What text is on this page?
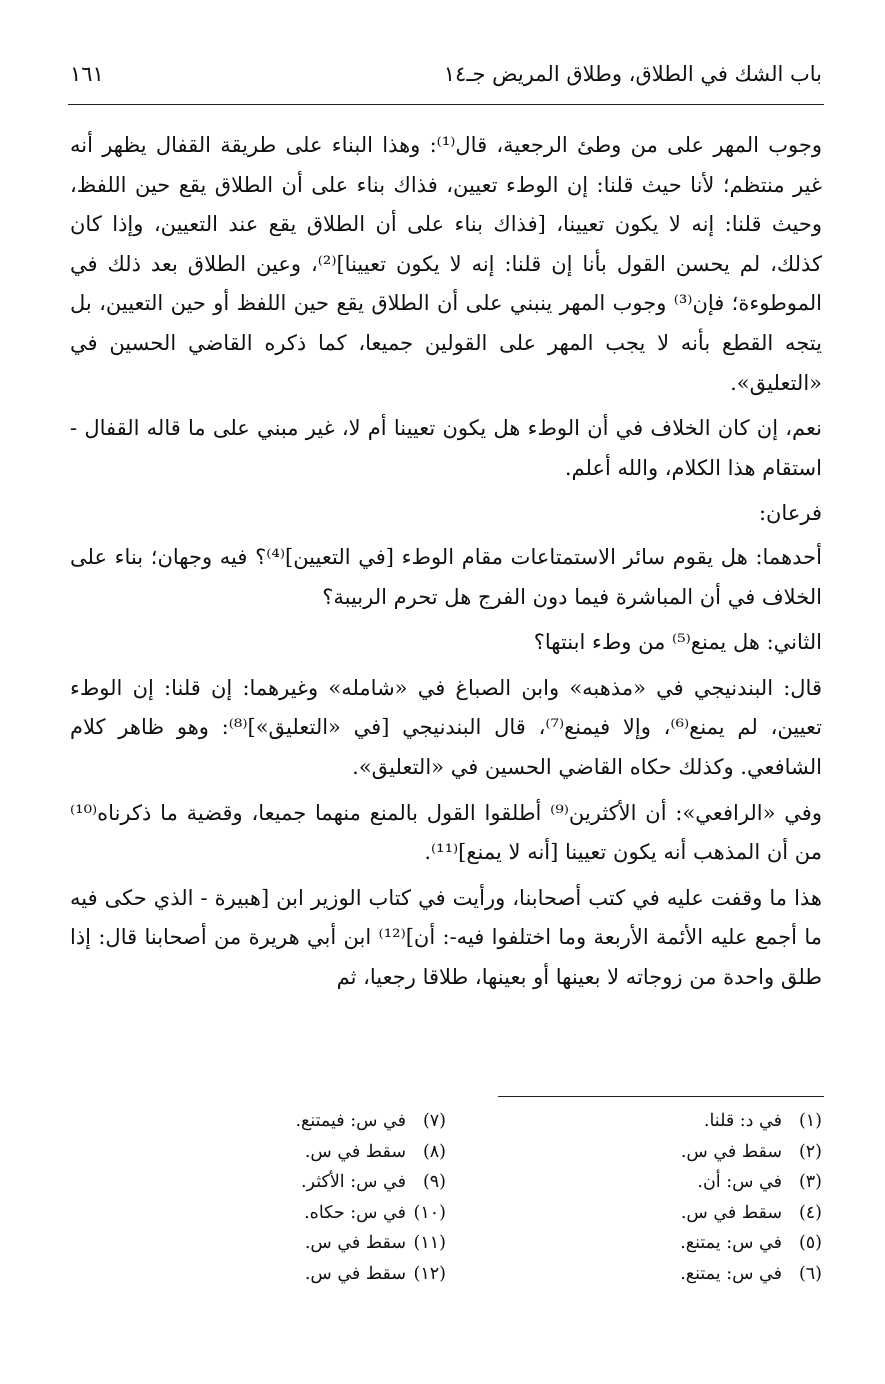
باب الشك في الطلاق، وطلاق المريض جـ١٤
١٦١

وجوب المهر على من وطئ الرجعية، قال⁽¹⁾: وهذا البناء على طريقة القفال يظهر أنه غير منتظم؛ لأنا حيث قلنا: إن الوطء تعيين، فذاك بناء على أن الطلاق يقع حين اللفظ، وحيث قلنا: إنه لا يكون تعيينا، [فذاك بناء على أن الطلاق يقع عند التعيين، وإذا كان كذلك، لم يحسن القول بأنا إن قلنا: إنه لا يكون تعيينا]⁽²⁾، وعين الطلاق بعد ذلك في الموطوءة؛ فإن⁽³⁾ وجوب المهر ينبني على أن الطلاق يقع حين اللفظ أو حين التعيين، بل يتجه القطع بأنه لا يجب المهر على القولين جميعا، كما ذكره القاضي الحسين في «التعليق».

نعم، إن كان الخلاف في أن الوطء هل يكون تعيينا أم لا، غير مبني على ما قاله القفال - استقام هذا الكلام، والله أعلم.

فرعان:

أحدهما: هل يقوم سائر الاستمتاعات مقام الوطء [في التعيين]⁽⁴⁾؟ فيه وجهان؛ بناء على الخلاف في أن المباشرة فيما دون الفرج هل تحرم الربيبة؟

الثاني: هل يمنع⁽⁵⁾ من وطء ابنتها؟

قال: البندنيجي في «مذهبه» وابن الصباغ في «شامله» وغيرهما: إن قلنا: إن الوطء تعيين، لم يمنع⁽⁶⁾، وإلا فيمنع⁽⁷⁾، قال البندنيجي [في «التعليق»]⁽⁸⁾: وهو ظاهر كلام الشافعي. وكذلك حكاه القاضي الحسين في «التعليق».

وفي «الرافعي»: أن الأكثرين⁽⁹⁾ أطلقوا القول بالمنع منهما جميعا، وقضية ما ذكرناه⁽¹⁰⁾ من أن المذهب أنه يكون تعيينا [أنه لا يمنع]⁽¹¹⁾.

هذا ما وقفت عليه في كتب أصحابنا، ورأيت في كتاب الوزير ابن [هبيرة - الذي حكى فيه ما أجمع عليه الأئمة الأربعة وما اختلفوا فيه-: أن]⁽¹²⁾ ابن أبي هريرة من أصحابنا قال: إذا طلق واحدة من زوجاته لا بعينها أو بعينها، طلاقا رجعيا، ثم

(١)في د: قلنا.
(٢)سقط في س.
(٣)في س: أن.
(٤)سقط في س.
(٥)في س: يمتنع.
(٦)في س: يمتنع.
(٧)في س: فيمتنع.
(٨)سقط في س.
(٩)في س: الأكثر.
(١٠)في س: حكاه.
(١١)سقط في س.
(١٢)سقط في س.
